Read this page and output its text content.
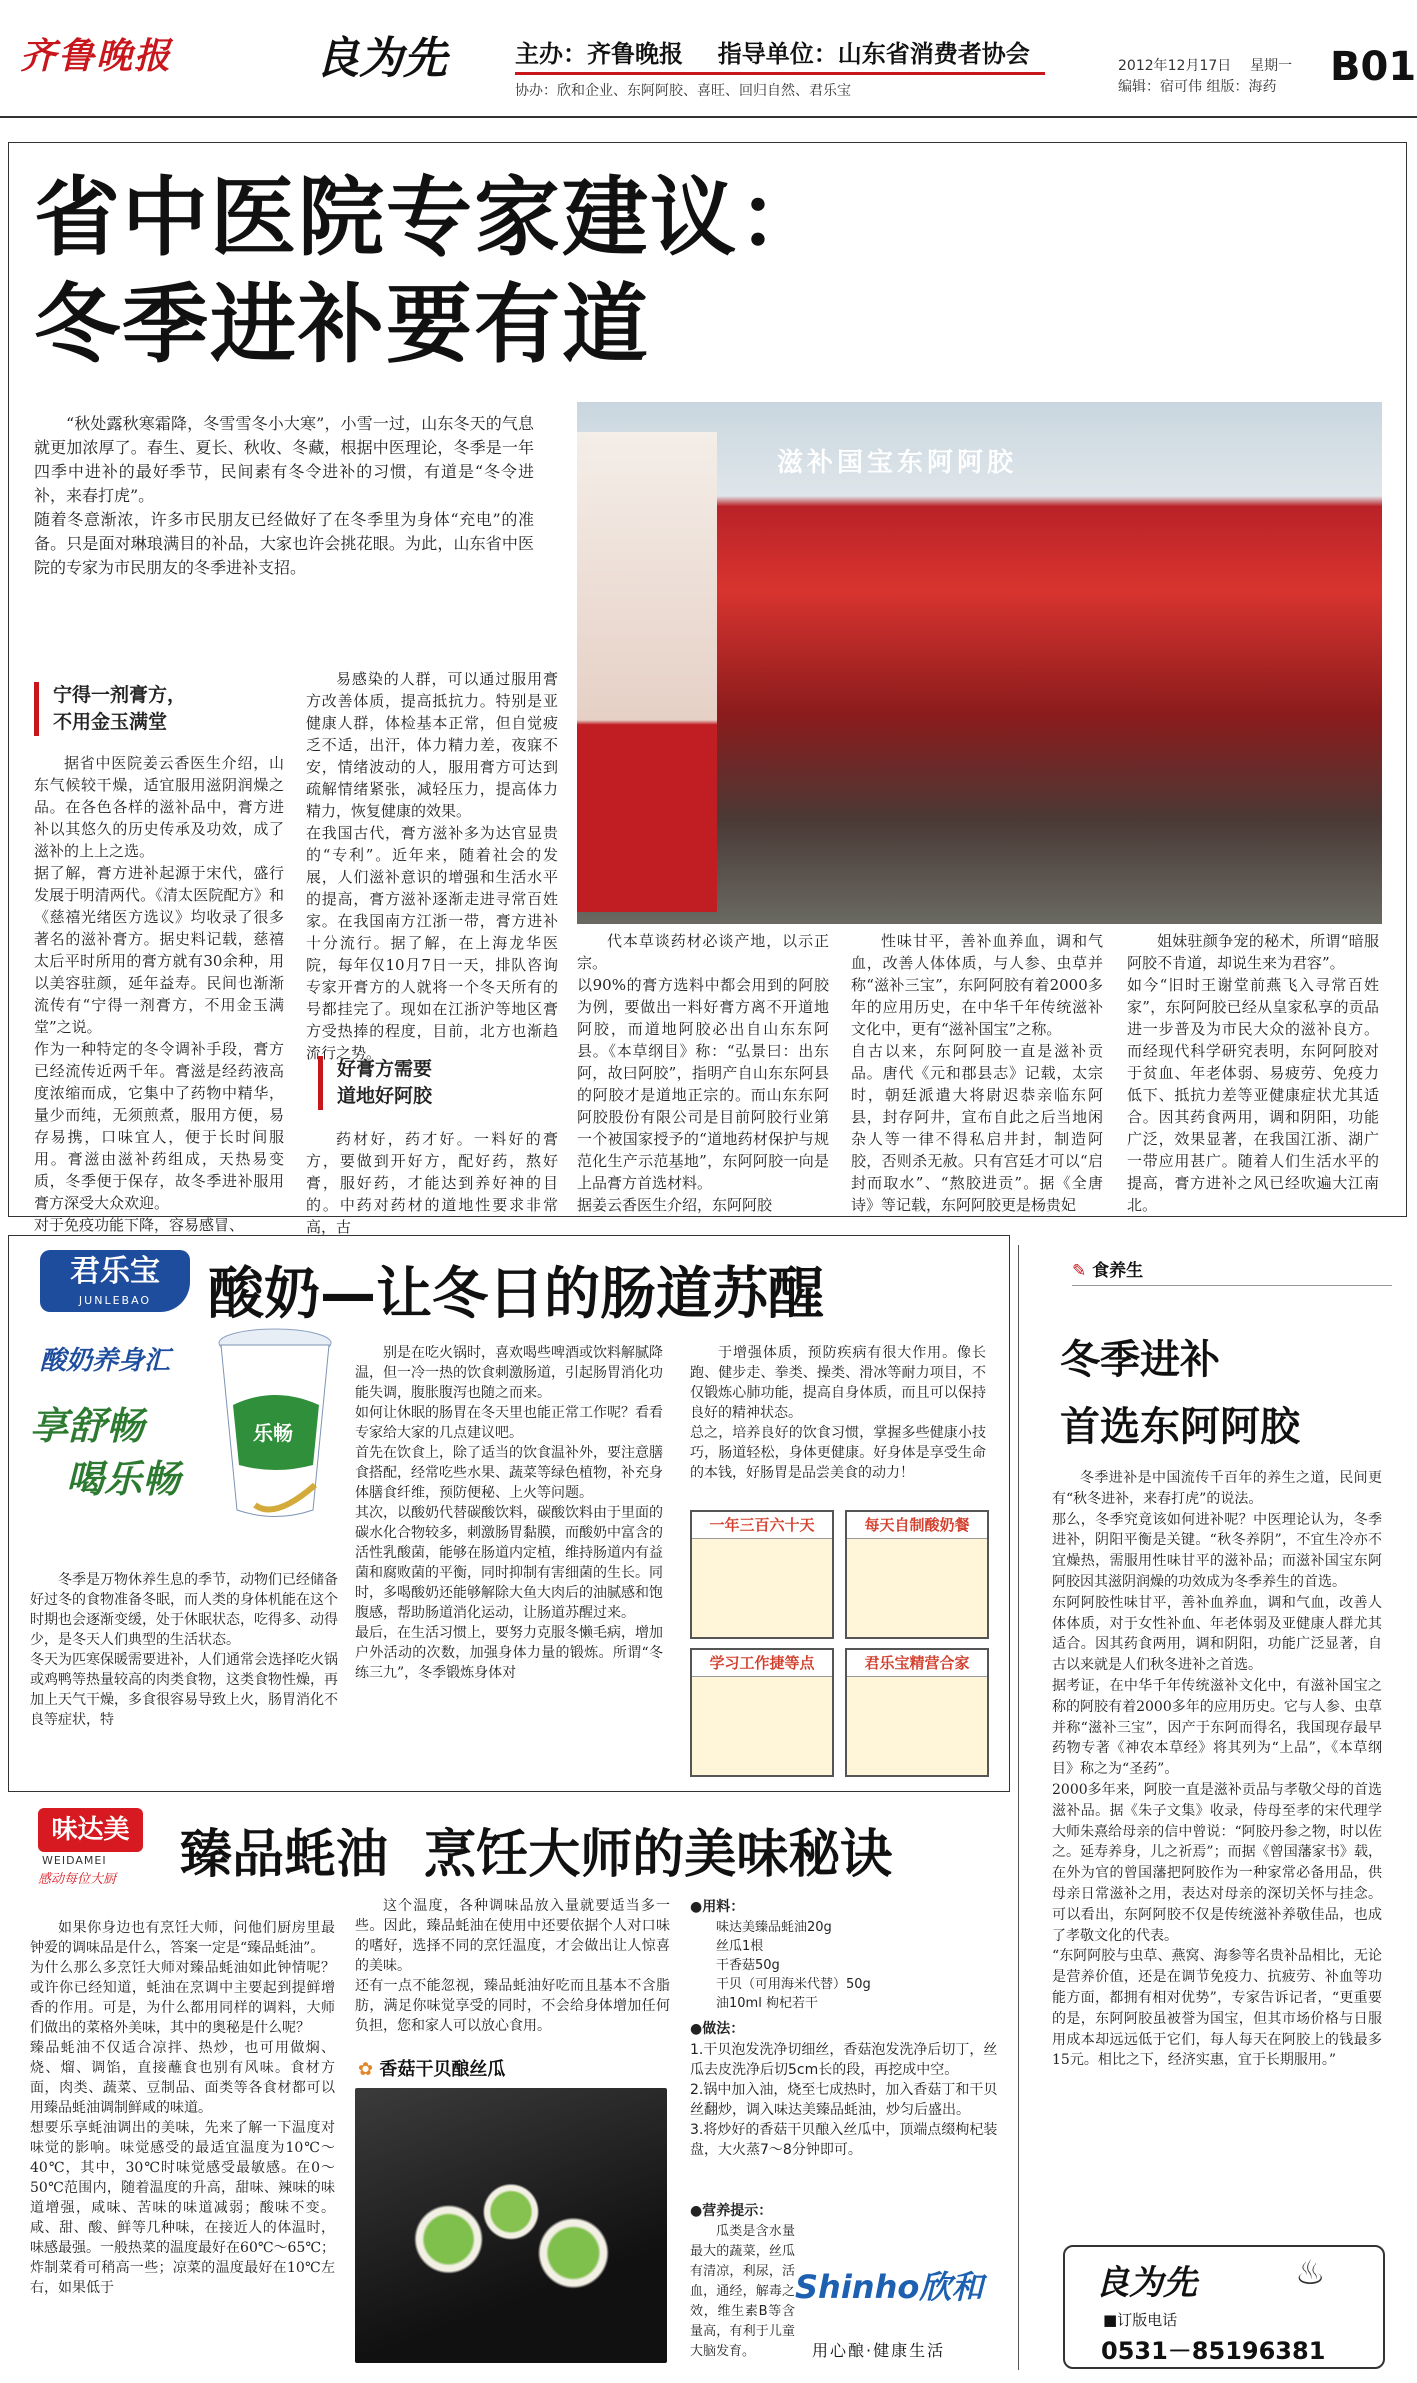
齐鲁晚报	良为先	主办：齐鲁晚报 指导单位：山东省消费者协会
协办：欣和企业、东阿阿胶、喜旺、回归自然、君乐宝
2012年12月17日 星期一
编辑：宿可伟 组版：海药 B01
省中医院专家建议：
冬季进补要有道

“秋处露秋寒霜降，冬雪雪冬小大寒”，小雪一过，山东冬天的气息就更加浓厚了。春生、夏长、秋收、冬藏，根据中医理论，冬季是一年四季中进补的最好季节，民间素有冬令进补的习惯，有道是“冬令进补，来春打虎”。
随着冬意渐浓，许多市民朋友已经做好了在冬季里为身体“充电”的准备。只是面对琳琅满目的补品，大家也许会挑花眼。为此，山东省中医院的专家为市民朋友的冬季进补支招。

滋补国宝东阿阿胶
宁得一剂膏方，
不用金玉满堂

据省中医院姜云香医生介绍，山东气候较干燥，适宜服用滋阴润燥之品。在各色各样的滋补品中，膏方进补以其悠久的历史传承及功效，成了滋补的上上之选。
据了解，膏方进补起源于宋代，盛行发展于明清两代。《清太医院配方》和《慈禧光绪医方选议》均收录了很多著名的滋补膏方。据史料记载，慈禧太后平时所用的膏方就有30余种，用以美容驻颜，延年益寿。民间也渐渐流传有“宁得一剂膏方，不用金玉满堂”之说。
作为一种特定的冬令调补手段，膏方已经流传近两千年。膏滋是经药液高度浓缩而成，它集中了药物中精华，量少而纯，无须煎煮，服用方便，易存易携，口味宜人，便于长时间服用。膏滋由滋补药组成，天热易变质，冬季便于保存，故冬季进补服用膏方深受大众欢迎。
对于免疫功能下降，容易感冒、

易感染的人群，可以通过服用膏方改善体质，提高抵抗力。特别是亚健康人群，体检基本正常，但自觉疲乏不适，出汗，体力精力差，夜寐不安，情绪波动的人，服用膏方可达到疏解情绪紧张，减轻压力，提高体力精力，恢复健康的效果。
在我国古代，膏方滋补多为达官显贵的“专利”。近年来，随着社会的发展，人们滋补意识的增强和生活水平的提高，膏方滋补逐渐走进寻常百姓家。在我国南方江浙一带，膏方进补十分流行。据了解，在上海龙华医院，每年仅10月7日一天，排队咨询专家开膏方的人就将一个冬天所有的号都挂完了。现如在江浙沪等地区膏方受热捧的程度，目前，北方也渐趋流行之势。

好膏方需要
道地好阿胶

药材好，药才好。一料好的膏方，要做到开好方，配好药，熬好膏，服好药，才能达到养好神的目的。中药对药材的道地性要求非常高，古

代本草谈药材必谈产地，以示正宗。
以90%的膏方选料中都会用到的阿胶为例，要做出一料好膏方离不开道地阿胶，而道地阿胶必出自山东东阿县。《本草纲目》称：“弘景曰：出东阿，故曰阿胶”，指明产自山东东阿县的阿胶才是道地正宗的。而山东东阿阿胶股份有限公司是目前阿胶行业第一个被国家授予的“道地药材保护与规范化生产示范基地”，东阿阿胶一向是上品膏方首选材料。
据姜云香医生介绍，东阿阿胶

性味甘平，善补血养血，调和气血，改善人体体质，与人参、虫草并称“滋补三宝”，东阿阿胶有着2000多年的应用历史，在中华千年传统滋补文化中，更有“滋补国宝”之称。
自古以来，东阿阿胶一直是滋补贡品。唐代《元和郡县志》记载，太宗时，朝廷派遣大将尉迟恭亲临东阿县，封存阿井，宣布自此之后当地闲杂人等一律不得私启井封，制造阿胶，否则杀无赦。只有宫廷才可以“启封而取水”、“熬胶进贡”。据《全唐诗》等记载，东阿阿胶更是杨贵妃

姐妹驻颜争宠的秘术，所谓“暗服阿胶不肯道，却说生来为君容”。
如今“旧时王谢堂前燕飞入寻常百姓家”，东阿阿胶已经从皇家私享的贡品进一步普及为市民大众的滋补良方。而经现代科学研究表明，东阿阿胶对于贫血、年老体弱、易疲劳、免疫力低下、抵抗力差等亚健康症状尤其适合。因其药食两用，调和阴阳，功能广泛，效果显著，在我国江浙、湖广一带应用甚广。随着人们生活水平的提高，膏方进补之风已经吹遍大江南北。

君乐宝
JUNLEBAO	酸奶—让冬日的肠道苏醒
酸奶养身汇
享舒畅
喝乐畅
乐畅

冬季是万物休养生息的季节，动物们已经储备好过冬的食物准备冬眠，而人类的身体机能在这个时期也会逐渐变缓，处于休眠状态，吃得多、动得少，是冬天人们典型的生活状态。
冬天为匹寒保暖需要进补，人们通常会选择吃火锅或鸡鸭等热量较高的肉类食物，这类食物性燥，再加上天气干燥，多食很容易导致上火，肠胃消化不良等症状，特

别是在吃火锅时，喜欢喝些啤酒或饮料解腻降温，但一冷一热的饮食刺激肠道，引起肠胃消化功能失调，腹胀腹泻也随之而来。
如何让休眠的肠胃在冬天里也能正常工作呢？看看专家给大家的几点建议吧。
首先在饮食上，除了适当的饮食温补外，要注意膳食搭配，经常吃些水果、蔬菜等绿色植物，补充身体膳食纤维，预防便秘、上火等问题。
其次，以酸奶代替碳酸饮料，碳酸饮料由于里面的碳水化合物较多，刺激肠胃黏膜，而酸奶中富含的活性乳酸菌，能够在肠道内定植，维持肠道内有益菌和腐败菌的平衡，同时抑制有害细菌的生长。同时，多喝酸奶还能够解除大鱼大肉后的油腻感和饱腹感，帮助肠道消化运动，让肠道苏醒过来。
最后，在生活习惯上，要努力克服冬懒毛病，增加户外活动的次数，加强身体力量的锻炼。所谓“冬练三九”，冬季锻炼身体对

于增强体质，预防疾病有很大作用。像长跑、健步走、拳类、操类、滑冰等耐力项目，不仅锻炼心肺功能，提高自身体质，而且可以保持良好的精神状态。
总之，培养良好的饮食习惯，掌握多些健康小技巧，肠道轻松，身体更健康。好身体是享受生命的本钱，好肠胃是品尝美食的动力！

一年三百六十天	每天自制酸奶餐
学习工作捷等点	君乐宝精营合家
✎ 食养生
冬季进补
首选东阿阿胶

冬季进补是中国流传千百年的养生之道，民间更有“秋冬进补，来春打虎”的说法。
那么，冬季究竟该如何进补呢？中医理论认为，冬季进补，阴阳平衡是关键。“秋冬养阴”，不宜生冷亦不宜燥热，需服用性味甘平的滋补品；而滋补国宝东阿阿胶因其滋阴润燥的功效成为冬季养生的首选。
东阿阿胶性味甘平，善补血养血，调和气血，改善人体体质，对于女性补血、年老体弱及亚健康人群尤其适合。因其药食两用，调和阴阳，功能广泛显著，自古以来就是人们秋冬进补之首选。
据考证，在中华千年传统滋补文化中，有滋补国宝之称的阿胶有着2000多年的应用历史。它与人参、虫草并称“滋补三宝”，因产于东阿而得名，我国现存最早药物专著《神农本草经》将其列为“上品”，《本草纲目》称之为“圣药”。
2000多年来，阿胶一直是滋补贡品与孝敬父母的首选滋补品。据《朱子文集》收录，侍母至孝的宋代理学大师朱熹给母亲的信中曾说：“阿胶丹参之物，时以佐之。延寿养身，儿之祈焉”；而据《曾国藩家书》载，在外为官的曾国藩把阿胶作为一种家常必备用品，供母亲日常滋补之用，表达对母亲的深切关怀与挂念。可以看出，东阿阿胶不仅是传统滋补养敬佳品，也成了孝敬文化的代表。
“东阿阿胶与虫草、燕窝、海参等名贵补品相比，无论是营养价值，还是在调节免疫力、抗疲劳、补血等功能方面，都拥有相对优势”，专家告诉记者，“更重要的是，东阿阿胶虽被誉为国宝，但其市场价格与日服用成本却远远低于它们，每人每天在阿胶上的钱最多15元。相比之下，经济实惠，宜于长期服用。”

良为先	♨
■订版电话
0531－85196381
味达美
WEIDAMEI
感动每位大厨 臻品蚝油  烹饪大师的美味秘诀

如果你身边也有烹饪大师，问他们厨房里最钟爱的调味品是什么，答案一定是“臻品蚝油”。
为什么那么多烹饪大师对臻品蚝油如此钟情呢？或许你已经知道，蚝油在烹调中主要起到提鲜增香的作用。可是，为什么都用同样的调料，大师们做出的菜格外美味，其中的奥秘是什么呢？
臻品蚝油不仅适合凉拌、热炒，也可用做焖、烧、熘、调馅，直接蘸食也别有风味。食材方面，肉类、蔬菜、豆制品、面类等各食材都可以用臻品蚝油调制鲜咸的味道。
想要乐享蚝油调出的美味，先来了解一下温度对味觉的影响。味觉感受的最适宜温度为10℃～40℃，其中，30℃时味觉感受最敏感。在0～50℃范围内，随着温度的升高，甜味、辣味的味道增强，咸味、苦味的味道减弱；酸味不变。咸、甜、酸、鲜等几种味，在接近人的体温时，味感最强。一般热菜的温度最好在60℃～65℃；炸制菜肴可稍高一些；凉菜的温度最好在10℃左右，如果低于

这个温度，各种调味品放入量就要适当多一些。因此，臻品蚝油在使用中还要依据个人对口味的嗜好，选择不同的烹饪温度，才会做出让人惊喜的美味。
还有一点不能忽视，臻品蚝油好吃而且基本不含脂肪，满足你味觉享受的同时，不会给身体增加任何负担，您和家人可以放心食用。

✿ 香菇干贝酿丝瓜
●用料：

味达美臻品蚝油20g
丝瓜1根
干香菇50g
干贝（可用海米代替）50g
油10ml 枸杞若干

●做法：

1.干贝泡发洗净切细丝，香菇泡发洗净后切丁，丝瓜去皮洗净后切5cm长的段，再挖成中空。
2.锅中加入油，烧至七成热时，加入香菇丁和干贝丝翻炒，调入味达美臻品蚝油，炒匀后盛出。
3.将炒好的香菇干贝酿入丝瓜中，顶端点缀枸杞装盘，大火蒸7～8分钟即可。

●营养提示：

瓜类是含水量最大的蔬菜，丝瓜有清凉，利尿，活血，通经，解毒之效，维生素B等含量高，有利于儿童大脑发育。

Shinho欣和
用心酿·健康生活
